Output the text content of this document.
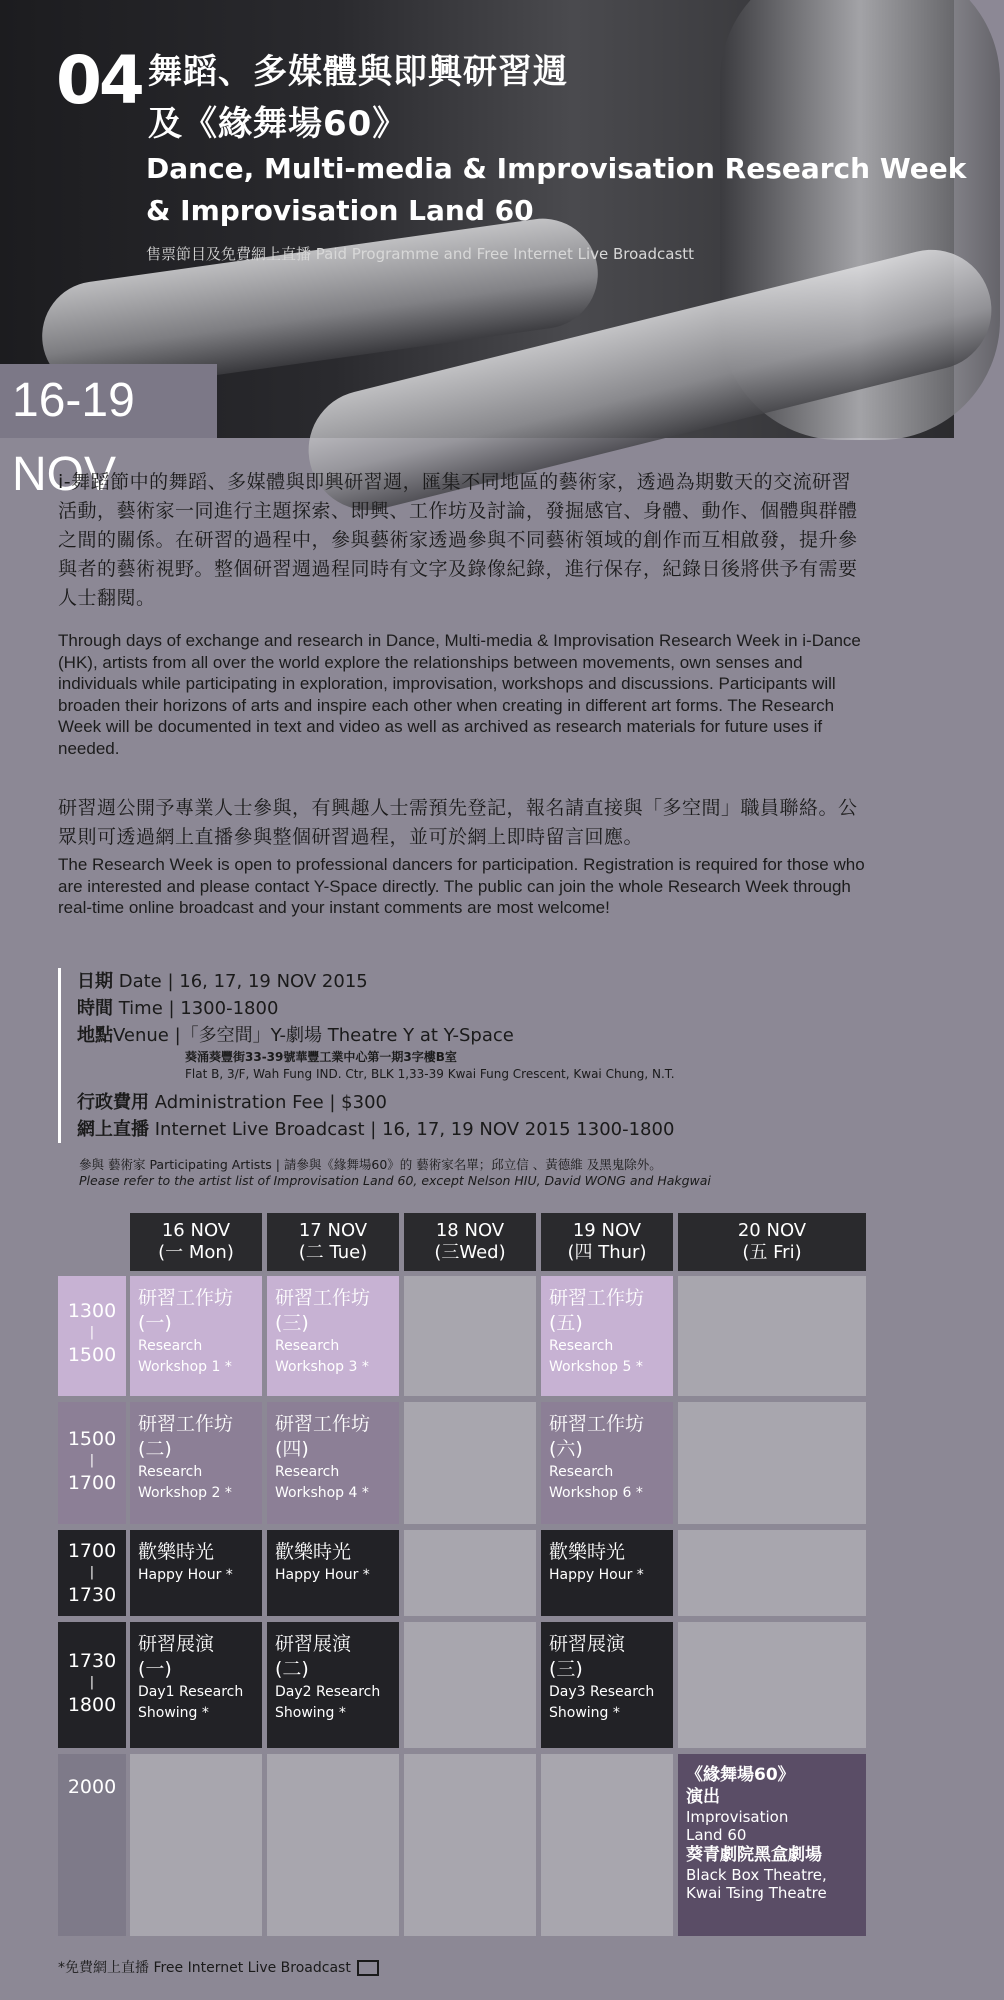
04 舞蹈、多媒體與即興研習週
及《緣舞場60》
Dance, Multi-media & Improvisation Research Week
& Improvisation Land 60
售票節目及免費網上直播 Paid Programme and Free Internet Live Broadcastt
16-19 NOV
i-舞蹈節中的舞蹈、多媒體與即興研習週，匯集不同地區的藝術家，透過為期數天的交流研習活動，藝術家一同進行主題探索、即興、工作坊及討論，發掘感官、身體、動作、個體與群體之間的關係。在研習的過程中，參與藝術家透過參與不同藝術領域的創作而互相啟發，提升參與者的藝術視野。整個研習週過程同時有文字及錄像紀錄，進行保存，紀錄日後將供予有需要人士翻閱。
Through days of exchange and research in Dance, Multi-media & Improvisation Research Week in i-Dance (HK), artists from all over the world explore the relationships between movements, own senses and individuals while participating in exploration, improvisation, workshops and discussions. Participants will broaden their horizons of arts and inspire each other when creating in different art forms. The Research Week will be documented in text and video as well as archived as research materials for future uses if needed.
研習週公開予專業人士參與，有興趣人士需預先登記，報名請直接與「多空間」職員聯絡。公眾則可透過網上直播參與整個研習過程，並可於網上即時留言回應。
The Research Week is open to professional dancers for participation. Registration is required for those who are interested and please contact Y-Space directly. The public can join the whole Research Week through real-time online broadcast and your instant comments are most welcome!
日期 Date | 16, 17, 19 NOV 2015
時間 Time | 1300-1800
地點Venue |「多空間」Y-劇場 Theatre Y at Y-Space
葵涌葵豐街33-39號華豐工業中心第一期3字樓B室
Flat B, 3/F, Wah Fung IND. Ctr, BLK 1,33-39 Kwai Fung Crescent, Kwai Chung, N.T.
行政費用 Administration Fee | $300
網上直播 Internet Live Broadcast | 16, 17, 19 NOV 2015 1300-1800
參與 藝術家 Participating Artists | 請參與《緣舞場60》的 藝術家名單；邱立信 、黃德維 及黑鬼除外。
Please refer to the artist list of Improvisation Land 60, except Nelson HIU, David WONG and Hakgwai
16 NOV
(一 Mon)
17 NOV
(二 Tue)
18 NOV
(三Wed)
19 NOV
(四 Thur)
20 NOV
(五 Fri)
1300
|
1500
1500
|
1700
1700
|
1730
1730
|
1800
2000
研習工作坊
(一)
Research
Workshop 1 *
研習工作坊
(三)
Research
Workshop 3 *
研習工作坊
(五)
Research
Workshop 5 *
研習工作坊
(二)
Research
Workshop 2 *
研習工作坊
(四)
Research
Workshop 4 *
研習工作坊
(六)
Research
Workshop 6 *
歡樂時光
Happy Hour *
歡樂時光
Happy Hour *
歡樂時光
Happy Hour *
研習展演
(一)
Day1 Research
Showing *
研習展演
(二)
Day2 Research
Showing *
研習展演
(三)
Day3 Research
Showing *
《緣舞場60》
演出
Improvisation
Land 60
葵青劇院黑盒劇場
Black Box Theatre,
Kwai Tsing Theatre
*免費網上直播 Free Internet Live Broadcast
